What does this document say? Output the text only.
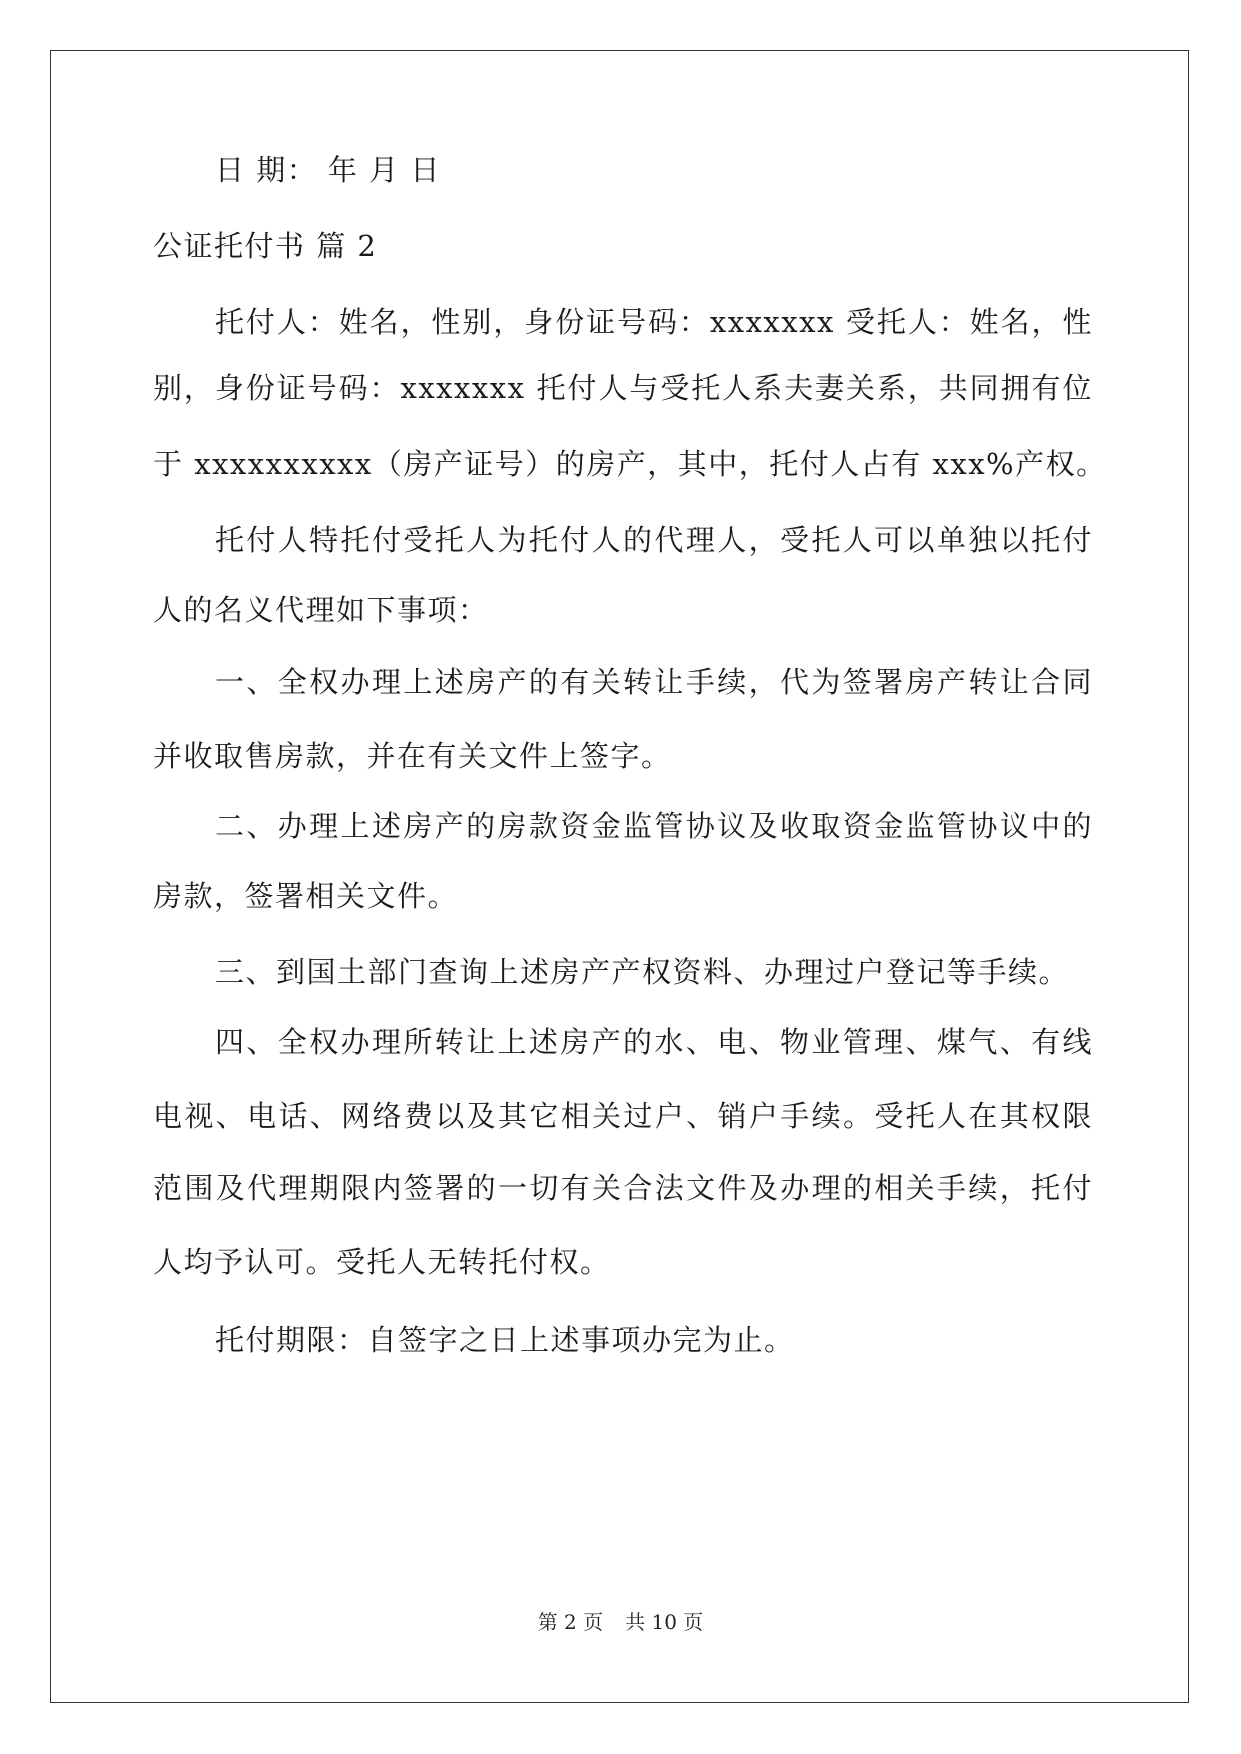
日 期： 年 月 日
公证托付书 篇 2
托付人：姓名，性别，身份证号码：xxxxxxx 受托人：姓名，性
别，身份证号码：xxxxxxx 托付人与受托人系夫妻关系，共同拥有位
于 xxxxxxxxxx（房产证号）的房产，其中，托付人占有 xxx%产权。
托付人特托付受托人为托付人的代理人，受托人可以单独以托付
人的名义代理如下事项：
一、全权办理上述房产的有关转让手续，代为签署房产转让合同
并收取售房款，并在有关文件上签字。
二、办理上述房产的房款资金监管协议及收取资金监管协议中的
房款，签署相关文件。
三、到国土部门查询上述房产产权资料、办理过户登记等手续。
四、全权办理所转让上述房产的水、电、物业管理、煤气、有线
电视、电话、网络费以及其它相关过户、销户手续。受托人在其权限
范围及代理期限内签署的一切有关合法文件及办理的相关手续，托付
人均予认可。受托人无转托付权。
托付期限：自签字之日上述事项办完为止。
第 2 页 共 10 页
